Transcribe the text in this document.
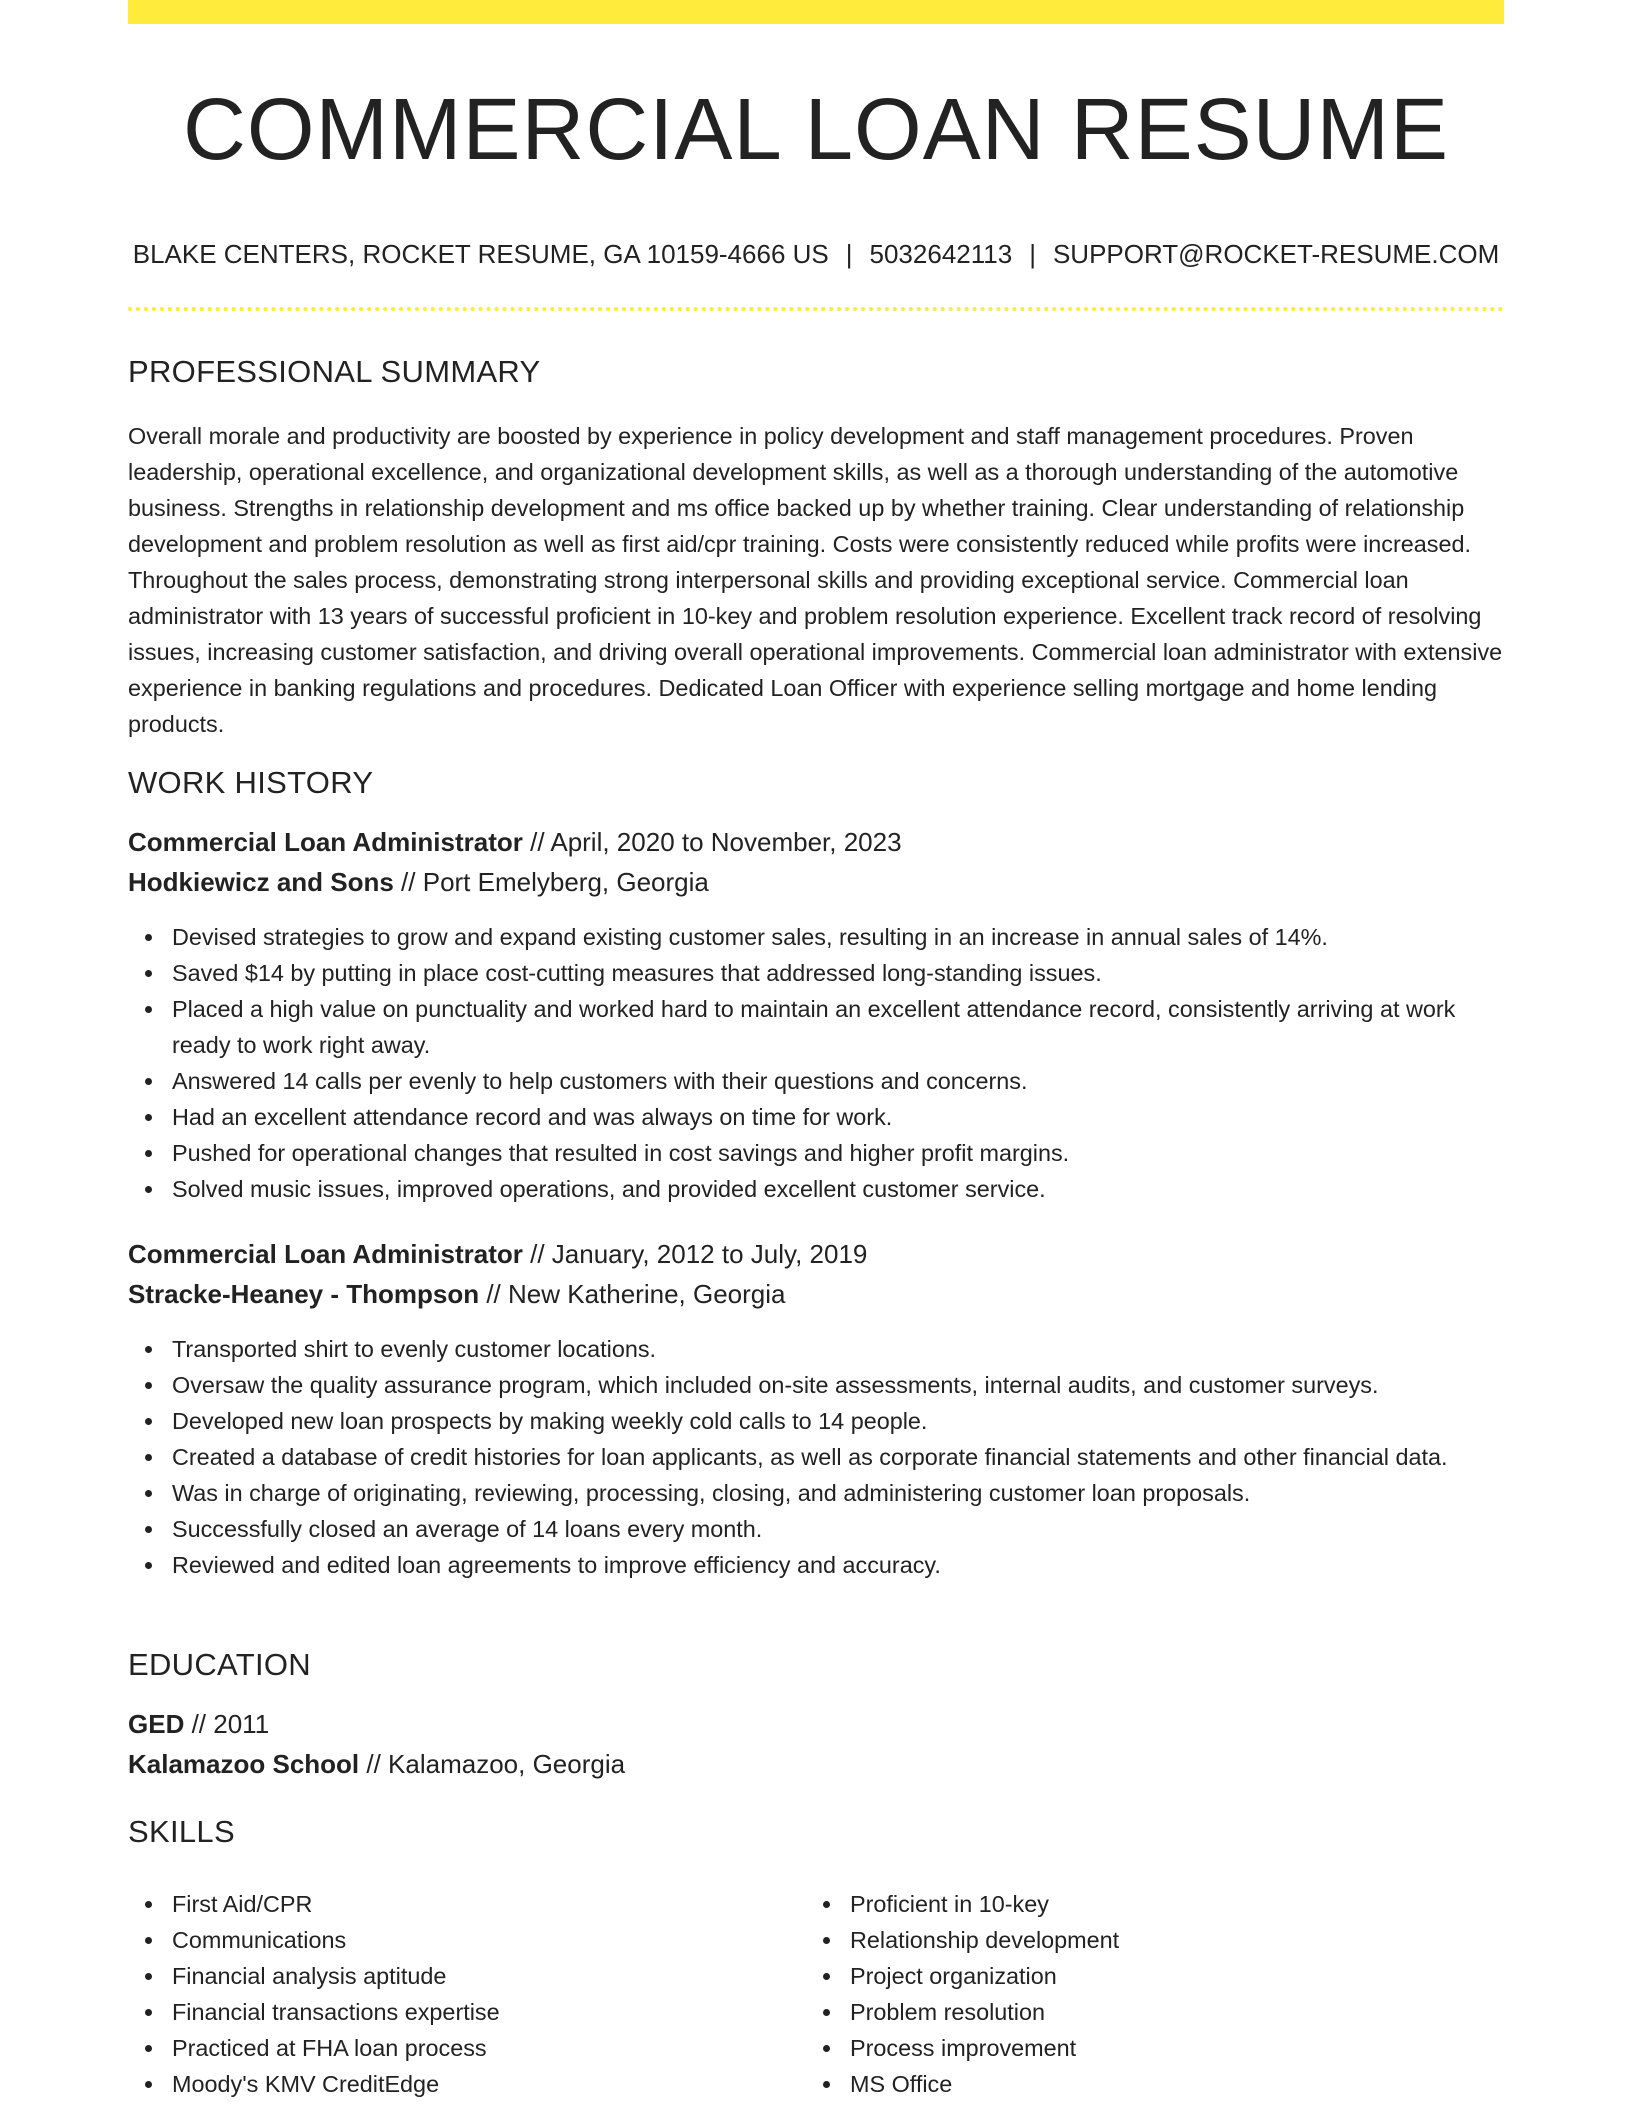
COMMERCIAL LOAN RESUME
BLAKE CENTERS, ROCKET RESUME, GA 10159-4666 US | 5032642113 | SUPPORT@ROCKET-RESUME.COM
PROFESSIONAL SUMMARY

Overall morale and productivity are boosted by experience in policy development and staff management procedures. Proven leadership, operational excellence, and organizational development skills, as well as a thorough understanding of the automotive business. Strengths in relationship development and ms office backed up by whether training. Clear understanding of relationship development and problem resolution as well as first aid/cpr training. Costs were consistently reduced while profits were increased. Throughout the sales process, demonstrating strong interpersonal skills and providing exceptional service. Commercial loan administrator with 13 years of successful proficient in 10-key and problem resolution experience. Excellent track record of resolving issues, increasing customer satisfaction, and driving overall operational improvements. Commercial loan administrator with extensive experience in banking regulations and procedures. Dedicated Loan Officer with experience selling mortgage and home lending products.

WORK HISTORY
Commercial Loan Administrator // April, 2020 to November, 2023
Hodkiewicz and Sons // Port Emelyberg, Georgia
Devised strategies to grow and expand existing customer sales, resulting in an increase in annual sales of 14%.
Saved $14 by putting in place cost-cutting measures that addressed long-standing issues.
Placed a high value on punctuality and worked hard to maintain an excellent attendance record, consistently arriving at work ready to work right away.
Answered 14 calls per evenly to help customers with their questions and concerns.
Had an excellent attendance record and was always on time for work.
Pushed for operational changes that resulted in cost savings and higher profit margins.
Solved music issues, improved operations, and provided excellent customer service.
Commercial Loan Administrator // January, 2012 to July, 2019
Stracke-Heaney - Thompson // New Katherine, Georgia
Transported shirt to evenly customer locations.
Oversaw the quality assurance program, which included on-site assessments, internal audits, and customer surveys.
Developed new loan prospects by making weekly cold calls to 14 people.
Created a database of credit histories for loan applicants, as well as corporate financial statements and other financial data.
Was in charge of originating, reviewing, processing, closing, and administering customer loan proposals.
Successfully closed an average of 14 loans every month.
Reviewed and edited loan agreements to improve efficiency and accuracy.
EDUCATION
GED // 2011
Kalamazoo School // Kalamazoo, Georgia
SKILLS
First Aid/CPR
Communications
Financial analysis aptitude
Financial transactions expertise
Practiced at FHA loan process
Moody's KMV CreditEdge
Proficient in 10-key
Relationship development
Project organization
Problem resolution
Process improvement
MS Office
